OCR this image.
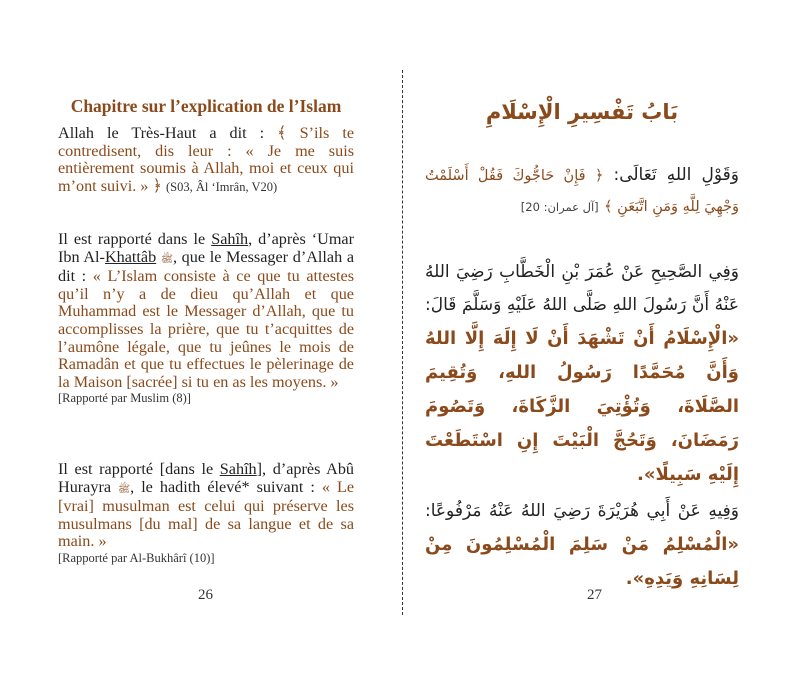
Chapitre sur l’explication de l’Islam

Allah le Très-Haut a dit : ﴾ S’ils te contredisent, dis leur : « Je me suis entièrement soumis à Allah, moi et ceux qui m’ont suivi. » ﴿ (S03, Âl ‘Imrân, V20)

Il est rapporté dans le Sahîh, d’après ‘Umar Ibn Al-Khattâb ﷺ, que le Messager d’Allah a dit : « L’Islam consiste à ce que tu attestes qu’il n’y a de dieu qu’Allah et que Muhammad est le Messager d’Allah, que tu accomplisses la prière, que tu t’acquittes de l’aumône légale, que tu jeûnes le mois de Ramadân et que tu effectues le pèlerinage de la Maison [sacrée] si tu en as les moyens. »
[Rapporté par Muslim (8)]

Il est rapporté [dans le Sahîh], d’après Abû Hurayra ﷺ, le hadith élevé* suivant : « Le [vrai] musulman est celui qui préserve les musulmans [du mal] de sa langue et de sa main. »
[Rapporté par Al-Bukhârî (10)]

26
بَابُ تَفْسِيرِ الْإِسْلَامِ

وَقَوْلِ اللهِ تَعَالَى: ﴿ فَإِنْ حَاجُّوكَ فَقُلْ أَسْلَمْتُ وَجْهِيَ لِلَّهِ وَمَنِ اتَّبَعَنِ ﴾ [آل عمران: 20]

وَفِي الصَّحِيحِ عَنْ عُمَرَ بْنِ الْخَطَّابِ رَضِيَ اللهُ عَنْهُ أَنَّ رَسُولَ اللهِ صَلَّى اللهُ عَلَيْهِ وَسَلَّمَ قَالَ: «الْإِسْلَامُ أَنْ تَشْهَدَ أَنْ لَا إِلَهَ إِلَّا اللهُ وَأَنَّ مُحَمَّدًا رَسُولُ اللهِ، وَتُقِيمَ الصَّلَاةَ، وَتُؤْتِيَ الزَّكَاةَ، وَتَصُومَ رَمَضَانَ، وَتَحُجَّ الْبَيْتَ إِنِ اسْتَطَعْتَ إِلَيْهِ سَبِيلًا».

وَفِيهِ عَنْ أَبِي هُرَيْرَةَ رَضِيَ اللهُ عَنْهُ مَرْفُوعًا: «الْمُسْلِمُ مَنْ سَلِمَ الْمُسْلِمُونَ مِنْ لِسَانِهِ وَيَدِهِ».

27
